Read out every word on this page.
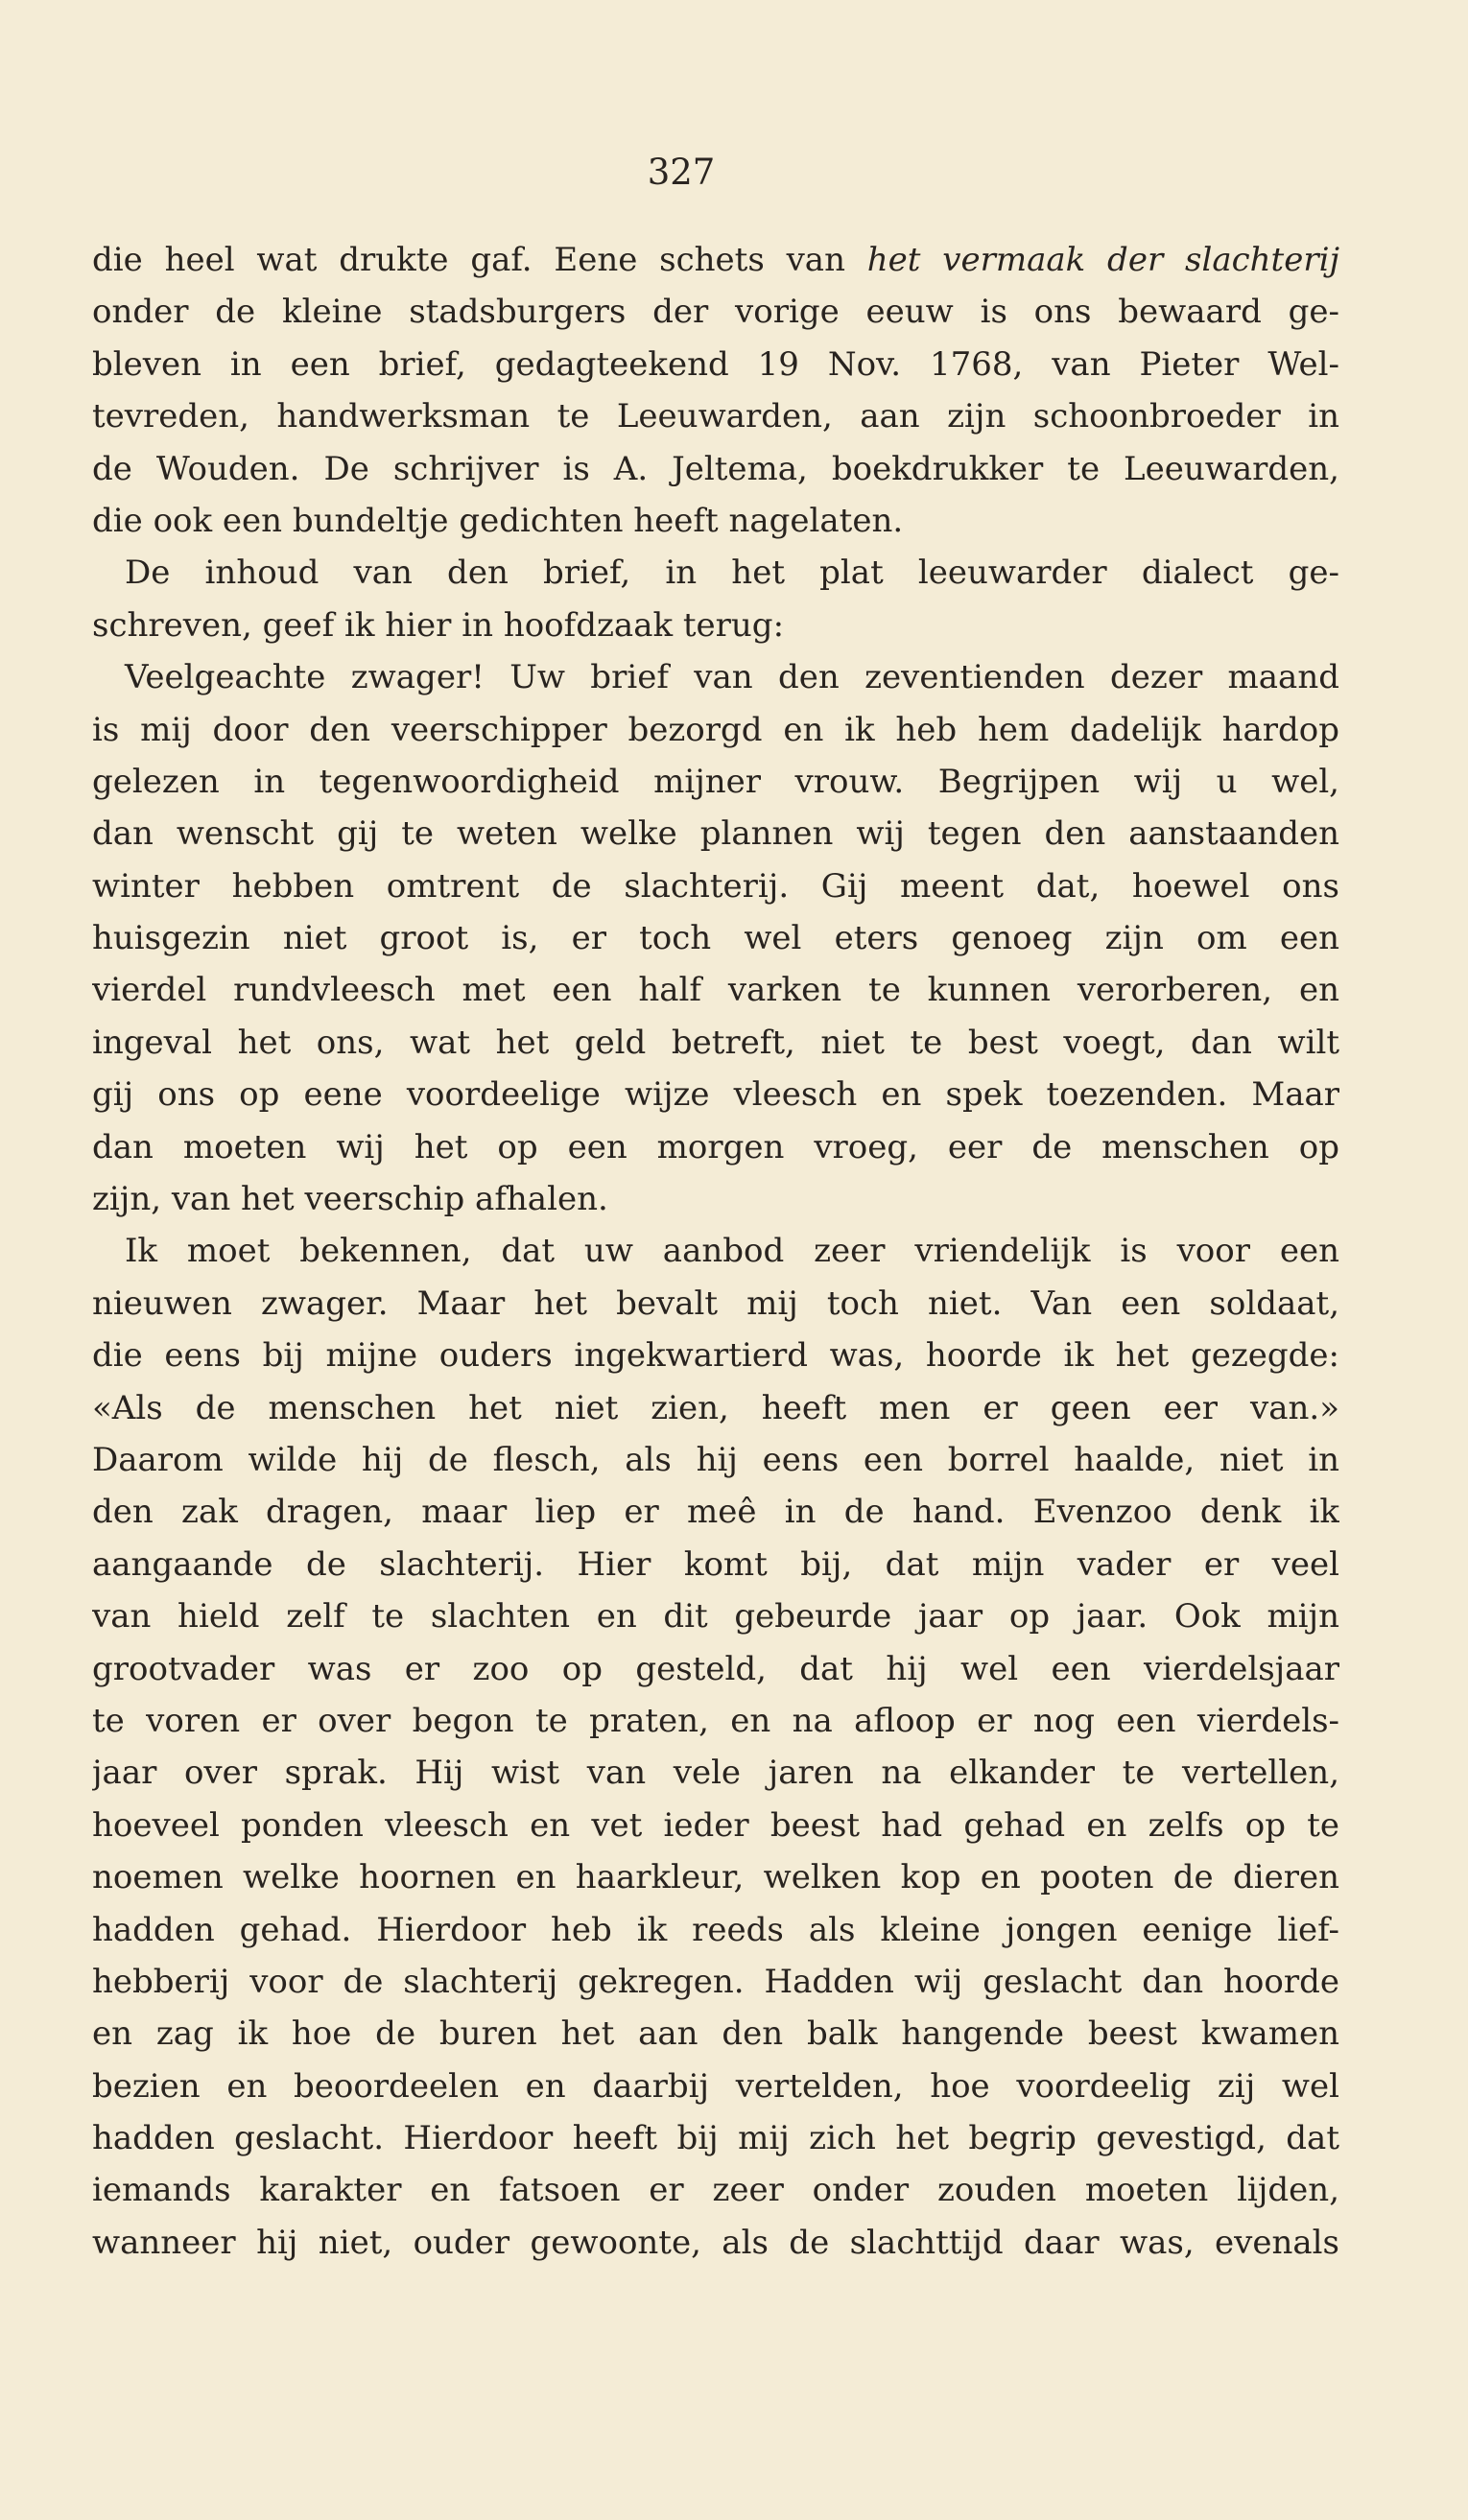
327
die heel wat drukte gaf. Eene schets van het vermaak der slachterij
onder de kleine stadsburgers der vorige eeuw is ons bewaard ge-
bleven in een brief, gedagteekend 19 Nov. 1768, van Pieter Wel-
tevreden, handwerksman te Leeuwarden, aan zijn schoonbroeder in
de Wouden. De schrijver is A. Jeltema, boekdrukker te Leeuwarden,
die ook een bundeltje gedichten heeft nagelaten.
De inhoud van den brief, in het plat leeuwarder dialect ge-
schreven, geef ik hier in hoofdzaak terug:
Veelgeachte zwager! Uw brief van den zeventienden dezer maand
is mij door den veerschipper bezorgd en ik heb hem dadelijk hardop
gelezen in tegenwoordigheid mijner vrouw. Begrijpen wij u wel,
dan wenscht gij te weten welke plannen wij tegen den aanstaanden
winter hebben omtrent de slachterij. Gij meent dat, hoewel ons
huisgezin niet groot is, er toch wel eters genoeg zijn om een
vierdel rundvleesch met een half varken te kunnen verorberen, en
ingeval het ons, wat het geld betreft, niet te best voegt, dan wilt
gij ons op eene voordeelige wijze vleesch en spek toezenden. Maar
dan moeten wij het op een morgen vroeg, eer de menschen op
zijn, van het veerschip afhalen.
Ik moet bekennen, dat uw aanbod zeer vriendelijk is voor een
nieuwen zwager. Maar het bevalt mij toch niet. Van een soldaat,
die eens bij mijne ouders ingekwartierd was, hoorde ik het gezegde:
«Als de menschen het niet zien, heeft men er geen eer van.»
Daarom wilde hij de flesch, als hij eens een borrel haalde, niet in
den zak dragen, maar liep er meê in de hand. Evenzoo denk ik
aangaande de slachterij. Hier komt bij, dat mijn vader er veel
van hield zelf te slachten en dit gebeurde jaar op jaar. Ook mijn
grootvader was er zoo op gesteld, dat hij wel een vierdelsjaar
te voren er over begon te praten, en na afloop er nog een vierdels-
jaar over sprak. Hij wist van vele jaren na elkander te vertellen,
hoeveel ponden vleesch en vet ieder beest had gehad en zelfs op te
noemen welke hoornen en haarkleur, welken kop en pooten de dieren
hadden gehad. Hierdoor heb ik reeds als kleine jongen eenige lief-
hebberij voor de slachterij gekregen. Hadden wij geslacht dan hoorde
en zag ik hoe de buren het aan den balk hangende beest kwamen
bezien en beoordeelen en daarbij vertelden, hoe voordeelig zij wel
hadden geslacht. Hierdoor heeft bij mij zich het begrip gevestigd, dat
iemands karakter en fatsoen er zeer onder zouden moeten lijden,
wanneer hij niet, ouder gewoonte, als de slachttijd daar was, evenals
